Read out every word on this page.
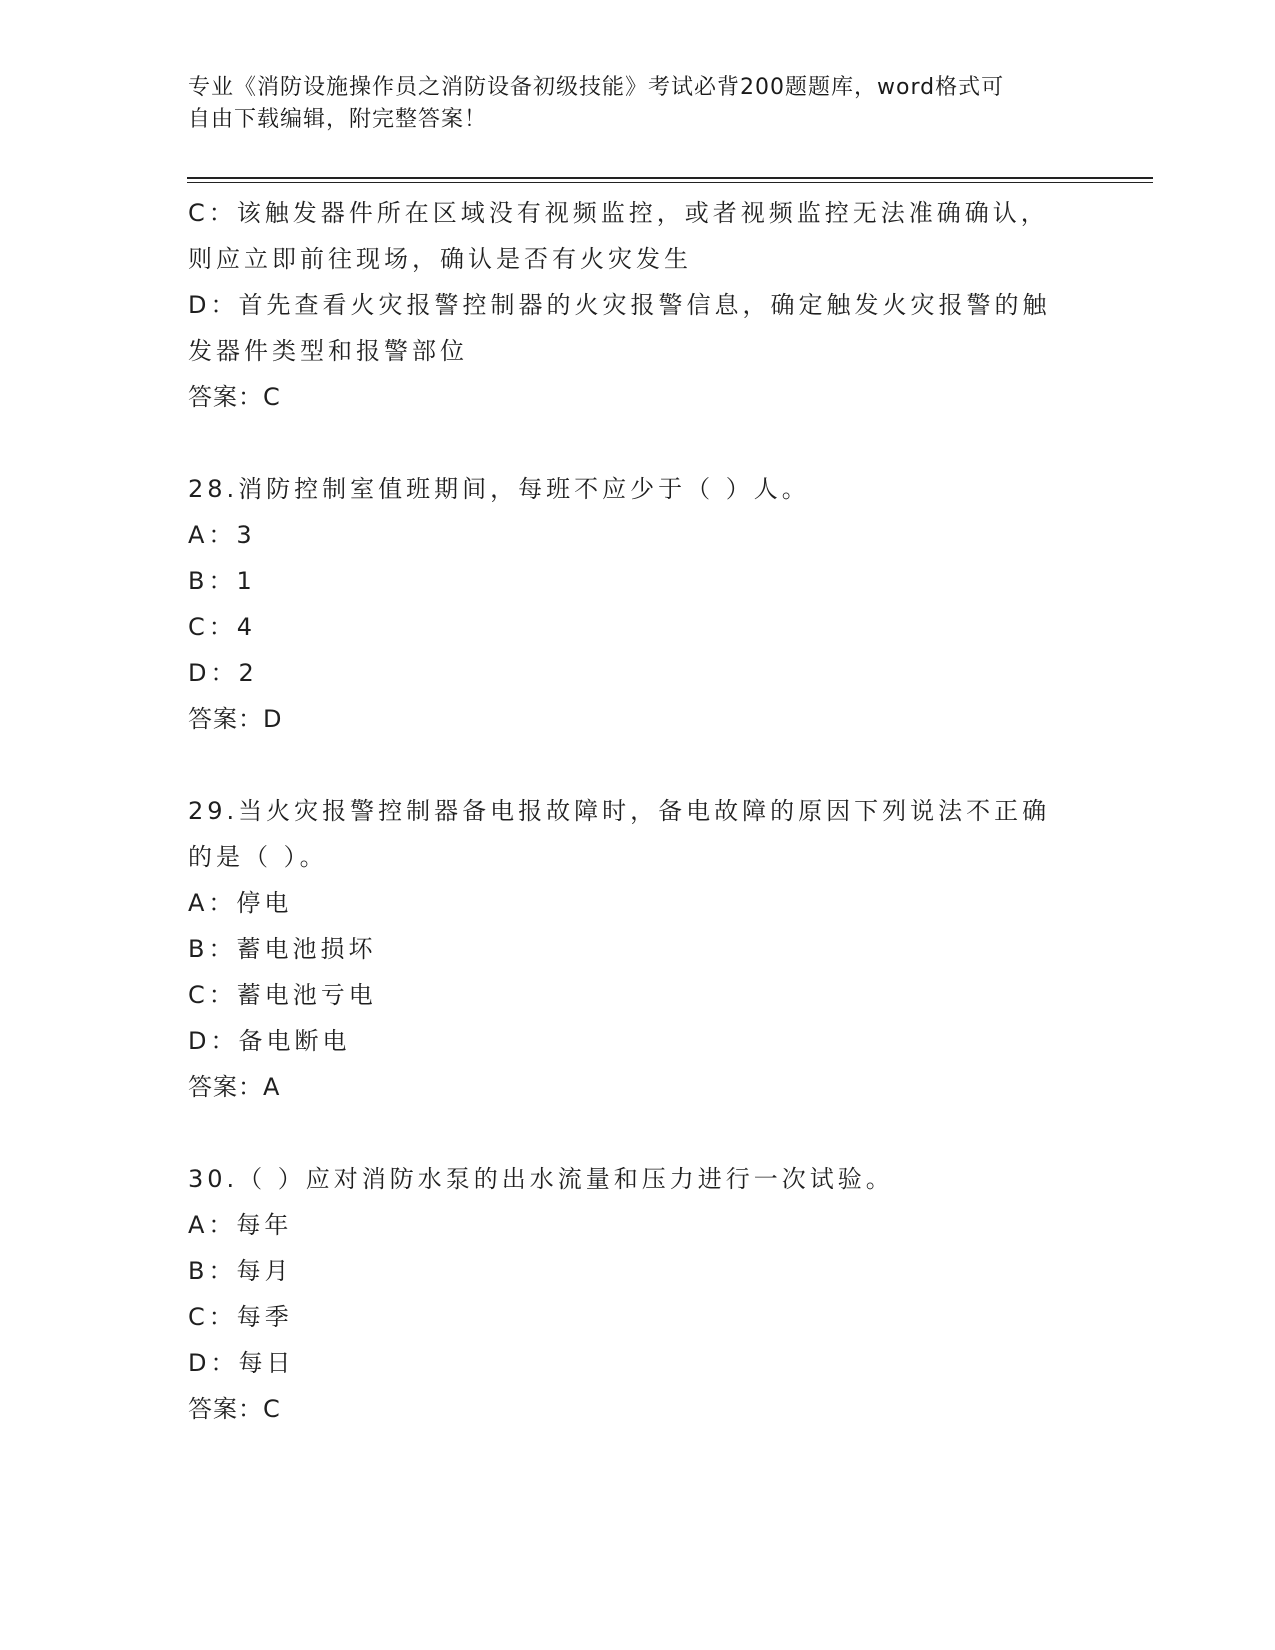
专业《消防设施操作员之消防设备初级技能》考试必背200题题库，word格式可
自由下载编辑，附完整答案！
C：该触发器件所在区域没有视频监控，或者视频监控无法准确确认，
则应立即前往现场，确认是否有火灾发生
D：首先查看火灾报警控制器的火灾报警信息，确定触发火灾报警的触
发器件类型和报警部位
答案：C
28.消防控制室值班期间，每班不应少于（ ）人。
A：3
B：1
C：4
D：2
答案：D
29.当火灾报警控制器备电报故障时，备电故障的原因下列说法不正确
的是（ ）。
A：停电
B：蓄电池损坏
C：蓄电池亏电
D：备电断电
答案：A
30.（ ）应对消防水泵的出水流量和压力进行一次试验。
A：每年
B：每月
C：每季
D：每日
答案：C
